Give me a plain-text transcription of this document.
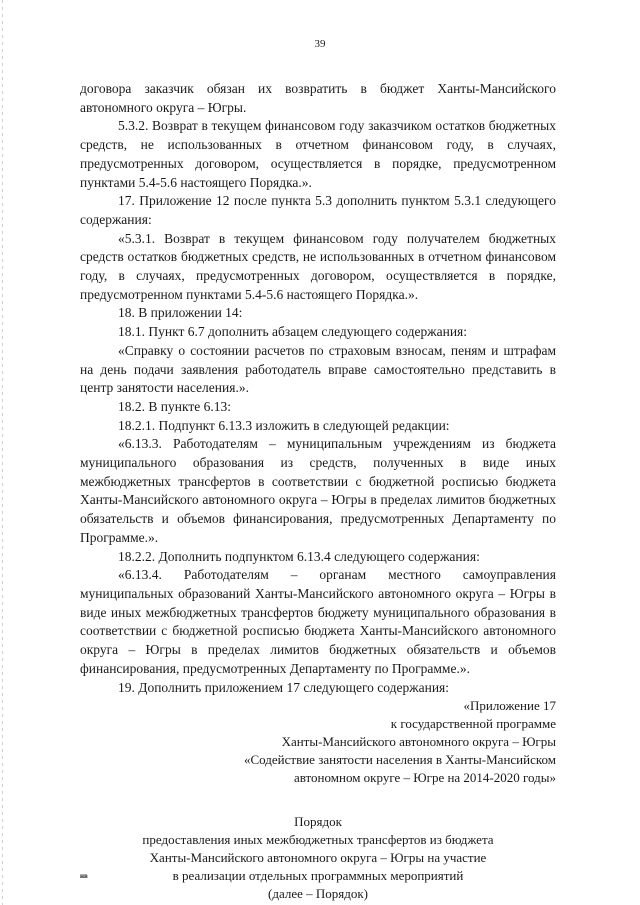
39

договора заказчик обязан их возвратить в бюджет Ханты-Мансийского автономного округа – Югры.

5.3.2. Возврат в текущем финансовом году заказчиком остатков бюджетных средств, не использованных в отчетном финансовом году, в случаях, предусмотренных договором, осуществляется в порядке, предусмотренном пунктами 5.4-5.6 настоящего Порядка.».

17. Приложение 12 после пункта 5.3 дополнить пунктом 5.3.1 следующего содержания:

«5.3.1. Возврат в текущем финансовом году получателем бюджетных средств остатков бюджетных средств, не использованных в отчетном финансовом году, в случаях, предусмотренных договором, осуществляется в порядке, предусмотренном пунктами 5.4-5.6 настоящего Порядка.».

18. В приложении 14:

18.1. Пункт 6.7 дополнить абзацем следующего содержания:

«Справку о состоянии расчетов по страховым взносам, пеням и штрафам на день подачи заявления работодатель вправе самостоятельно представить в центр занятости населения.».

18.2. В пункте 6.13:

18.2.1. Подпункт 6.13.3 изложить в следующей редакции:

«6.13.3. Работодателям – муниципальным учреждениям из бюджета муниципального образования из средств, полученных в виде иных межбюджетных трансфертов в соответствии с бюджетной росписью бюджета Ханты-Мансийского автономного округа – Югры в пределах лимитов бюджетных обязательств и объемов финансирования, предусмотренных Департаменту по Программе.».

18.2.2. Дополнить подпунктом 6.13.4 следующего содержания:

«6.13.4. Работодателям – органам местного самоуправления муниципальных образований Ханты-Мансийского автономного округа – Югры в виде иных межбюджетных трансфертов бюджету муниципального образования в соответствии с бюджетной росписью бюджета Ханты-Мансийского автономного округа – Югры в пределах лимитов бюджетных обязательств и объемов финансирования, предусмотренных Департаменту по Программе.».

19. Дополнить приложением 17 следующего содержания:

«Приложение 17
к государственной программе
Ханты-Мансийского автономного округа – Югры
«Содействие занятости населения в Ханты-Мансийском
автономном округе – Югре на 2014-2020 годы»
Порядок
предоставления иных межбюджетных трансфертов из бюджета
Ханты-Мансийского автономного округа – Югры на участие
в реализации отдельных программных мероприятий
(далее – Порядок)
нв
